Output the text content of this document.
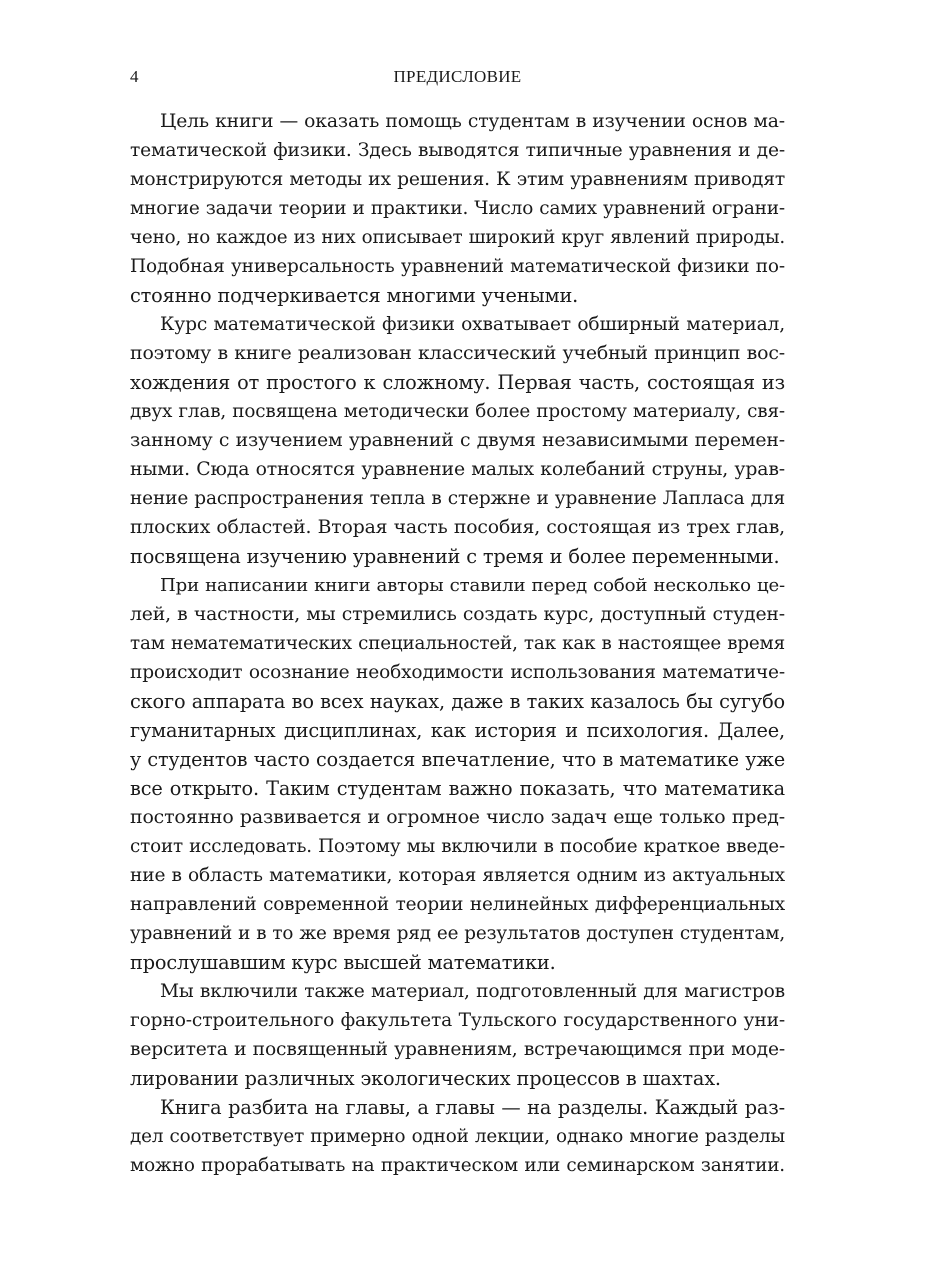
4	ПРЕДИСЛОВИЕ
Цель книги — оказать помощь студентам в изучении основ ма-
тематической физики. Здесь выводятся типичные уравнения и де-
монстрируются методы их решения. К этим уравнениям приводят
многие задачи теории и практики. Число самих уравнений ограни-
чено, но каждое из них описывает широкий круг явлений природы.
Подобная универсальность уравнений математической физики по-
стоянно подчеркивается многими учеными.
Курс математической физики охватывает обширный материал,
поэтому в книге реализован классический учебный принцип вос-
хождения от простого к сложному. Первая часть, состоящая из
двух глав, посвящена методически более простому материалу, свя-
занному с изучением уравнений с двумя независимыми перемен-
ными. Сюда относятся уравнение малых колебаний струны, урав-
нение распространения тепла в стержне и уравнение Лапласа для
плоских областей. Вторая часть пособия, состоящая из трех глав,
посвящена изучению уравнений с тремя и более переменными.
При написании книги авторы ставили перед собой несколько це-
лей, в частности, мы стремились создать курс, доступный студен-
там нематематических специальностей, так как в настоящее время
происходит осознание необходимости использования математиче-
ского аппарата во всех науках, даже в таких казалось бы сугубо
гуманитарных дисциплинах, как история и психология. Далее,
у студентов часто создается впечатление, что в математике уже
все открыто. Таким студентам важно показать, что математика
постоянно развивается и огромное число задач еще только пред-
стоит исследовать. Поэтому мы включили в пособие краткое введе-
ние в область математики, которая является одним из актуальных
направлений современной теории нелинейных дифференциальных
уравнений и в то же время ряд ее результатов доступен студентам,
прослушавшим курс высшей математики.
Мы включили также материал, подготовленный для магистров
горно-строительного факультета Тульского государственного уни-
верситета и посвященный уравнениям, встречающимся при моде-
лировании различных экологических процессов в шахтах.
Книга разбита на главы, а главы — на разделы. Каждый раз-
дел соответствует примерно одной лекции, однако многие разделы
можно прорабатывать на практическом или семинарском занятии.
